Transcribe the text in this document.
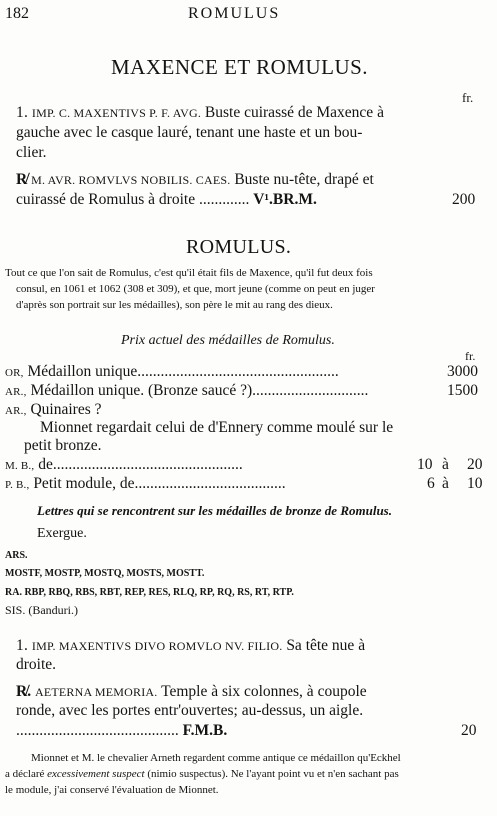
182	ROMULUS
MAXENCE ET ROMULUS.
fr.
1. IMP. C. MAXENTIVS P. F. AVG. Buste cuirassé de Maxence à
gauche avec le casque lauré, tenant une haste et un bou-
clier.
R̸ M. AVR. ROMVLVS NOBILIS. CAES. Buste nu-tête, drapé et
cuirassé de Romulus à droite ............. V¹.BR.M.	200
ROMULUS.
Tout ce que l'on sait de Romulus, c'est qu'il était fils de Maxence, qu'il fut deux fois
consul, en 1061 et 1062 (308 et 309), et que, mort jeune (comme on peut en juger
d'après son portrait sur les médailles), son père le mit au rang des dieux.
Prix actuel des médailles de Romulus.
fr.
OR, Médaillon unique....................................................	3000
AR., Médaillon unique. (Bronze saucé ?)..............................	1500
AR., Quinaires ?
Mionnet regardait celui de d'Ennery comme moulé sur le
petit bronze.
M. B., de.................................................	10 à 20
P. B., Petit module, de.......................................	6 à 10
Lettres qui se rencontrent sur les médailles de bronze de Romulus.
Exergue.
ARS.
MOSTF, MOSTP, MOSTQ, MOSTS, MOSTT.
RA. RBP, RBQ, RBS, RBT, REP, RES, RLQ, RP, RQ, RS, RT, RTP.
SIS. (Banduri.)
1. IMP. MAXENTIVS DIVO ROMVLO NV. FILIO. Sa tête nue à
droite.
R̸. AETERNA MEMORIA. Temple à six colonnes, à coupole
ronde, avec les portes entr'ouvertes; au-dessus, un aigle.
.......................................... F.M.B.	20
Mionnet et M. le chevalier Arneth regardent comme antique ce médaillon qu'Eckhel
a déclaré excessivement suspect (nimio suspectus). Ne l'ayant point vu et n'en sachant pas
le module, j'ai conservé l'évaluation de Mionnet.
